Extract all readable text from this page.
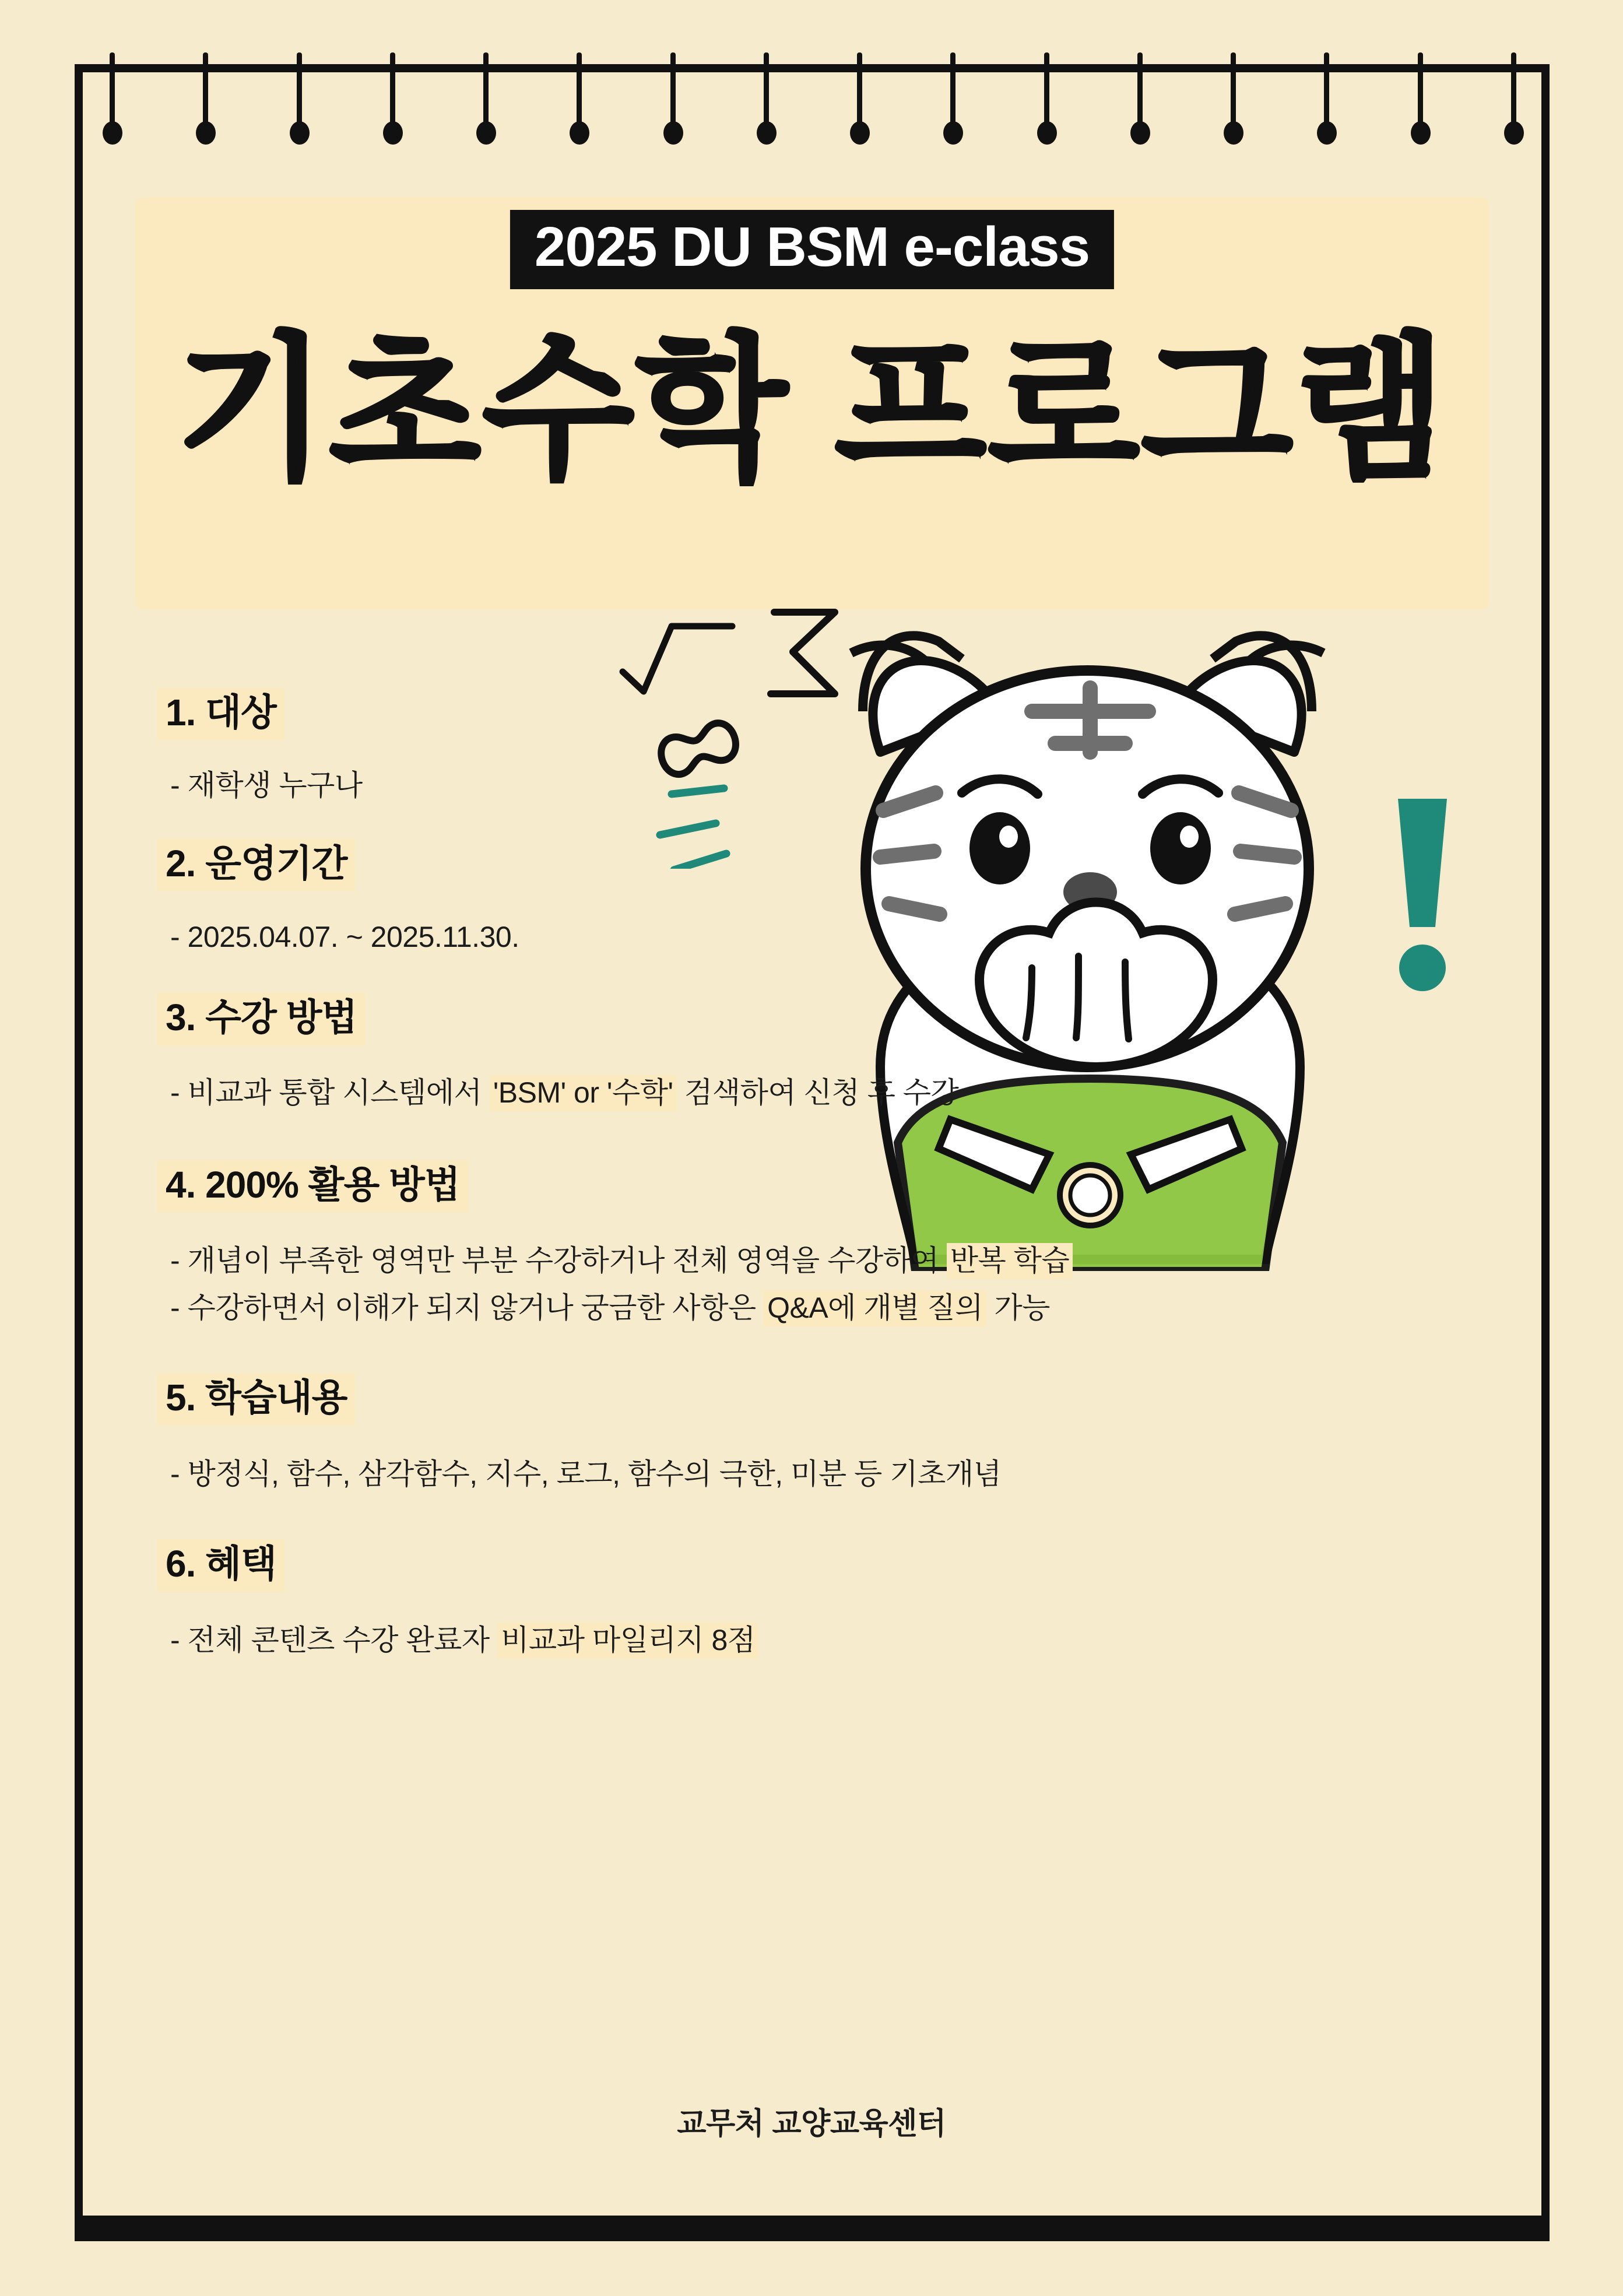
2025 DU BSM e-class
기초수학 프로그램
1. 대상
- 재학생 누구나
2. 운영기간
- 2025.04.07. ~ 2025.11.30.
3. 수강 방법
- 비교과 통합 시스템에서 'BSM' or '수학' 검색하여 신청 후 수강
4. 200% 활용 방법
- 개념이 부족한 영역만 부분 수강하거나 전체 영역을 수강하여 반복 학습
- 수강하면서 이해가 되지 않거나 궁금한 사항은 Q&A에 개별 질의 가능
5. 학습내용
- 방정식, 함수, 삼각함수, 지수, 로그, 함수의 극한, 미분 등 기초개념
6. 혜택
- 전체 콘텐츠 수강 완료자 비교과 마일리지 8점
교무처 교양교육센터
